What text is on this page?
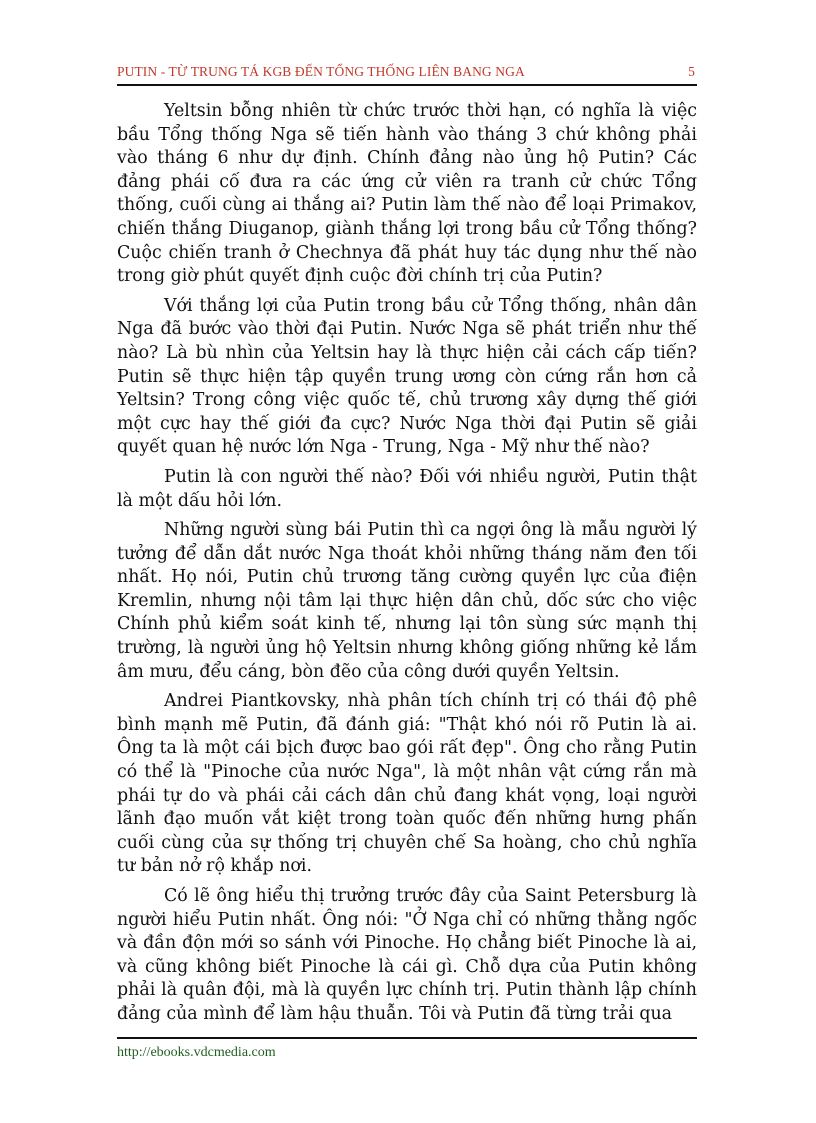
PUTIN - TỪ TRUNG TÁ KGB ĐẾN TỔNG THỐNG LIÊN BANG NGA	5

Yeltsin bỗng nhiên từ chức trước thời hạn, có nghĩa là việc bầu Tổng thống Nga sẽ tiến hành vào tháng 3 chứ không phải vào tháng 6 như dự định. Chính đảng nào ủng hộ Putin? Các đảng phái cố đưa ra các ứng cử viên ra tranh cử chức Tổng thống, cuối cùng ai thắng ai? Putin làm thế nào để loại Primakov, chiến thắng Diuganop, giành thắng lợi trong bầu cử Tổng thống? Cuộc chiến tranh ở Chechnya đã phát huy tác dụng như thế nào trong giờ phút quyết định cuộc đời chính trị của Putin?

Với thắng lợi của Putin trong bầu cử Tổng thống, nhân dân Nga đã bước vào thời đại Putin. Nước Nga sẽ phát triển như thế nào? Là bù nhìn của Yeltsin hay là thực hiện cải cách cấp tiến? Putin sẽ thực hiện tập quyền trung ương còn cứng rắn hơn cả Yeltsin? Trong công việc quốc tế, chủ trương xây dựng thế giới một cực hay thế giới đa cực? Nước Nga thời đại Putin sẽ giải quyết quan hệ nước lớn Nga - Trung, Nga - Mỹ như thế nào?

Putin là con người thế nào? Đối với nhiều người, Putin thật là một dấu hỏi lớn.

Những người sùng bái Putin thì ca ngợi ông là mẫu người lý tưởng để dẫn dắt nước Nga thoát khỏi những tháng năm đen tối nhất. Họ nói, Putin chủ trương tăng cường quyền lực của điện Kremlin, nhưng nội tâm lại thực hiện dân chủ, dốc sức cho việc Chính phủ kiểm soát kinh tế, nhưng lại tôn sùng sức mạnh thị trường, là người ủng hộ Yeltsin nhưng không giống những kẻ lắm âm mưu, đểu cáng, bòn đẽo của công dưới quyền Yeltsin.

Andrei Piantkovsky, nhà phân tích chính trị có thái độ phê bình mạnh mẽ Putin, đã đánh giá: "Thật khó nói rõ Putin là ai. Ông ta là một cái bịch được bao gói rất đẹp". Ông cho rằng Putin có thể là "Pinoche của nước Nga", là một nhân vật cứng rắn mà phái tự do và phái cải cách dân chủ đang khát vọng, loại người lãnh đạo muốn vắt kiệt trong toàn quốc đến những hưng phấn cuối cùng của sự thống trị chuyên chế Sa hoàng, cho chủ nghĩa tư bản nở rộ khắp nơi.

Có lẽ ông hiểu thị trưởng trước đây của Saint Petersburg là người hiểu Putin nhất. Ông nói: "Ở Nga chỉ có những thằng ngốc và đần độn mới so sánh với Pinoche. Họ chẳng biết Pinoche là ai, và cũng không biết Pinoche là cái gì. Chỗ dựa của Putin không phải là quân đội, mà là quyền lực chính trị. Putin thành lập chính đảng của mình để làm hậu thuẫn. Tôi và Putin đã từng trải qua

http://ebooks.vdcmedia.com
